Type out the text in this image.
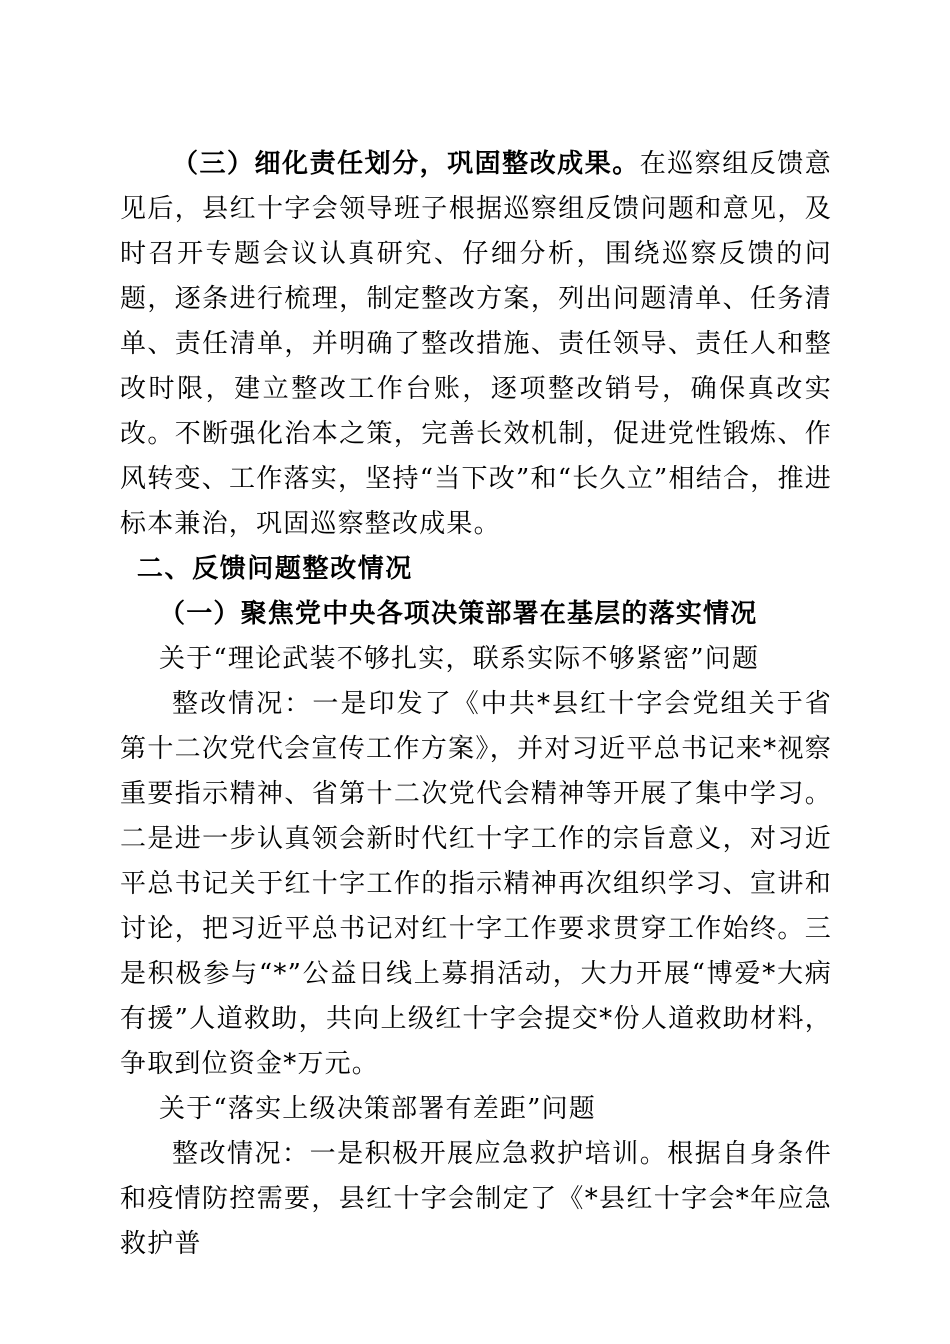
（三）细化责任划分，巩固整改成果。在巡察组反馈意见后，县红十字会领导班子根据巡察组反馈问题和意见，及时召开专题会议认真研究、仔细分析，围绕巡察反馈的问题，逐条进行梳理，制定整改方案，列出问题清单、任务清单、责任清单，并明确了整改措施、责任领导、责任人和整改时限，建立整改工作台账，逐项整改销号，确保真改实改。不断强化治本之策，完善长效机制，促进党性锻炼、作风转变、工作落实，坚持“当下改”和“长久立”相结合，推进标本兼治，巩固巡察整改成果。

二、反馈问题整改情况

（一）聚焦党中央各项决策部署在基层的落实情况

关于“理论武装不够扎实，联系实际不够紧密”问题

整改情况：一是印发了《中共*县红十字会党组关于省第十二次党代会宣传工作方案》，并对习近平总书记来*视察重要指示精神、省第十二次党代会精神等开展了集中学习。二是进一步认真领会新时代红十字工作的宗旨意义，对习近平总书记关于红十字工作的指示精神再次组织学习、宣讲和讨论，把习近平总书记对红十字工作要求贯穿工作始终。三是积极参与“*”公益日线上募捐活动，大力开展“博爱*大病有援”人道救助，共向上级红十字会提交*份人道救助材料，争取到位资金*万元。

关于“落实上级决策部署有差距”问题

整改情况：一是积极开展应急救护培训。根据自身条件和疫情防控需要，县红十字会制定了《*县红十字会*年应急救护普
